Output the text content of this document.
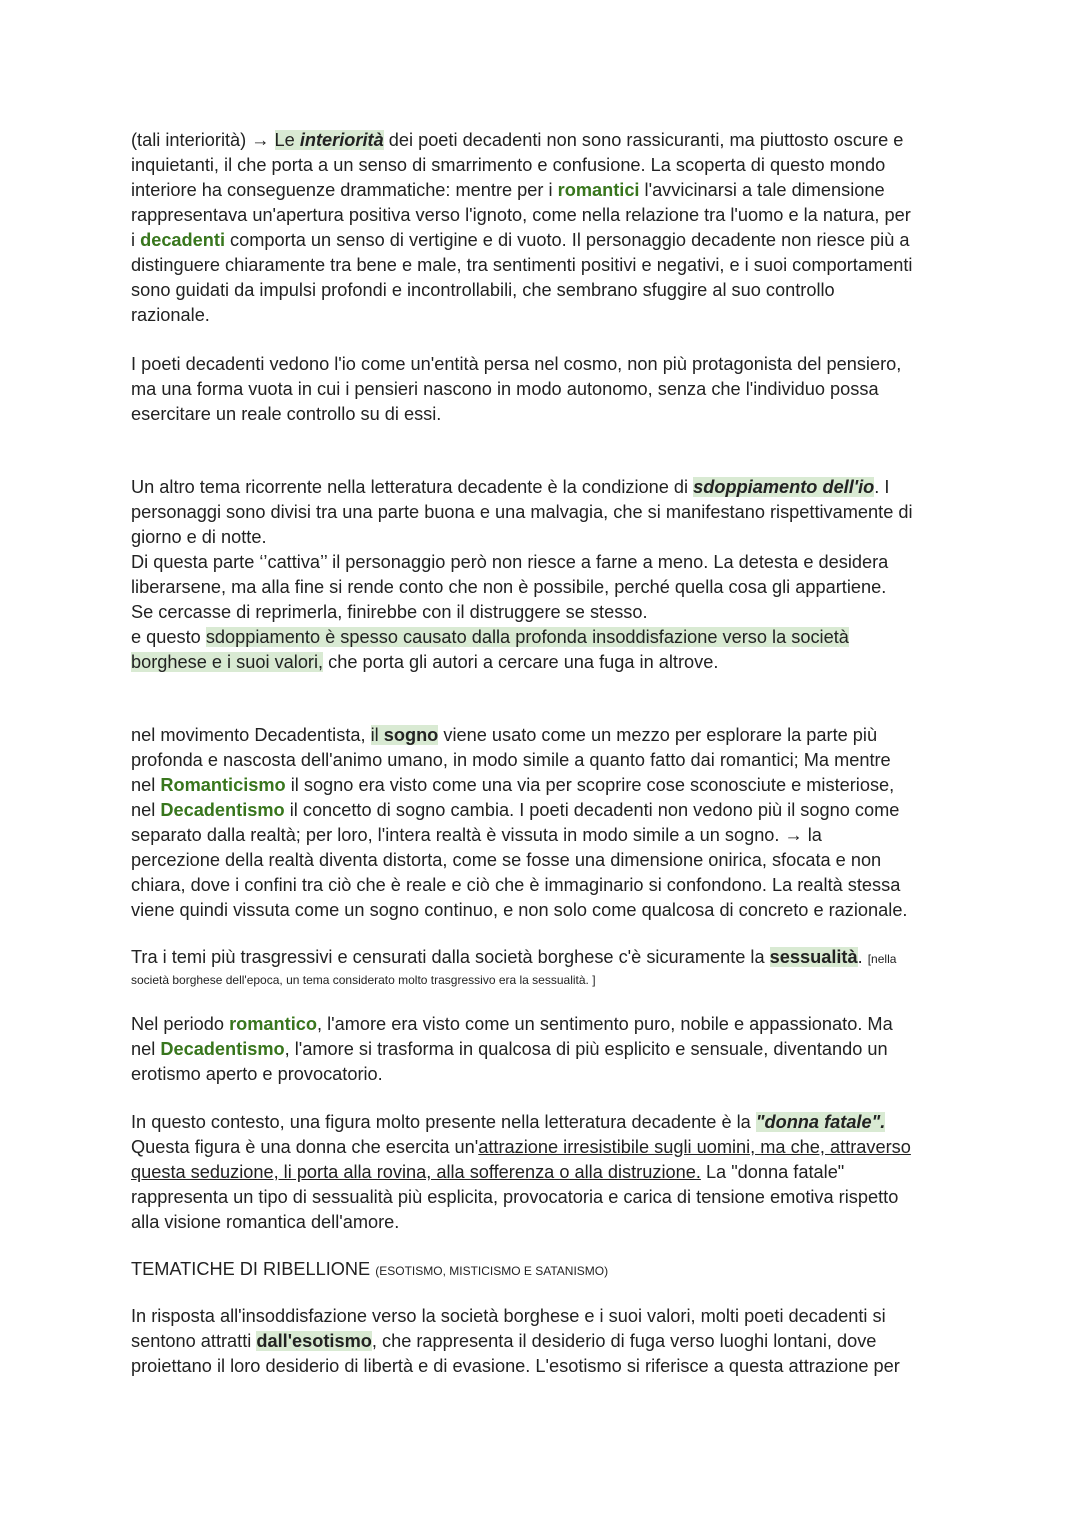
(tali interiorità) → Le interiorità dei poeti decadenti non sono rassicuranti, ma piuttosto oscure e
inquietanti, il che porta a un senso di smarrimento e confusione. La scoperta di questo mondo
interiore ha conseguenze drammatiche: mentre per i romantici l'avvicinarsi a tale dimensione
rappresentava un'apertura positiva verso l'ignoto, come nella relazione tra l'uomo e la natura, per
i decadenti comporta un senso di vertigine e di vuoto. Il personaggio decadente non riesce più a
distinguere chiaramente tra bene e male, tra sentimenti positivi e negativi, e i suoi comportamenti
sono guidati da impulsi profondi e incontrollabili, che sembrano sfuggire al suo controllo
razionale.

I poeti decadenti vedono l'io come un'entità persa nel cosmo, non più protagonista del pensiero,
ma una forma vuota in cui i pensieri nascono in modo autonomo, senza che l'individuo possa
esercitare un reale controllo su di essi.

Un altro tema ricorrente nella letteratura decadente è la condizione di sdoppiamento dell'io. I
personaggi sono divisi tra una parte buona e una malvagia, che si manifestano rispettivamente di
giorno e di notte.
Di questa parte ‘’cattiva’’ il personaggio però non riesce a farne a meno. La detesta e desidera
liberarsene, ma alla fine si rende conto che non è possibile, perché quella cosa gli appartiene.
Se cercasse di reprimerla, finirebbe con il distruggere se stesso.
e questo sdoppiamento è spesso causato dalla profonda insoddisfazione verso la società
borghese e i suoi valori, che porta gli autori a cercare una fuga in altrove.

nel movimento Decadentista, il sogno viene usato come un mezzo per esplorare la parte più
profonda e nascosta dell'animo umano, in modo simile a quanto fatto dai romantici; Ma mentre
nel Romanticismo il sogno era visto come una via per scoprire cose sconosciute e misteriose,
nel Decadentismo il concetto di sogno cambia. I poeti decadenti non vedono più il sogno come
separato dalla realtà; per loro, l'intera realtà è vissuta in modo simile a un sogno. → la
percezione della realtà diventa distorta, come se fosse una dimensione onirica, sfocata e non
chiara, dove i confini tra ciò che è reale e ciò che è immaginario si confondono. La realtà stessa
viene quindi vissuta come un sogno continuo, e non solo come qualcosa di concreto e razionale.

Tra i temi più trasgressivi e censurati dalla società borghese c'è sicuramente la sessualità. [nella
società borghese dell'epoca, un tema considerato molto trasgressivo era la sessualità. ]

Nel periodo romantico, l'amore era visto come un sentimento puro, nobile e appassionato. Ma
nel Decadentismo, l'amore si trasforma in qualcosa di più esplicito e sensuale, diventando un
erotismo aperto e provocatorio.

In questo contesto, una figura molto presente nella letteratura decadente è la "donna fatale".
Questa figura è una donna che esercita un'attrazione irresistibile sugli uomini, ma che, attraverso
questa seduzione, li porta alla rovina, alla sofferenza o alla distruzione. La "donna fatale"
rappresenta un tipo di sessualità più esplicita, provocatoria e carica di tensione emotiva rispetto
alla visione romantica dell'amore.

TEMATICHE DI RIBELLIONE (ESOTISMO, MISTICISMO E SATANISMO)

In risposta all'insoddisfazione verso la società borghese e i suoi valori, molti poeti decadenti si
sentono attratti dall'esotismo, che rappresenta il desiderio di fuga verso luoghi lontani, dove
proiettano il loro desiderio di libertà e di evasione. L'esotismo si riferisce a questa attrazione per
